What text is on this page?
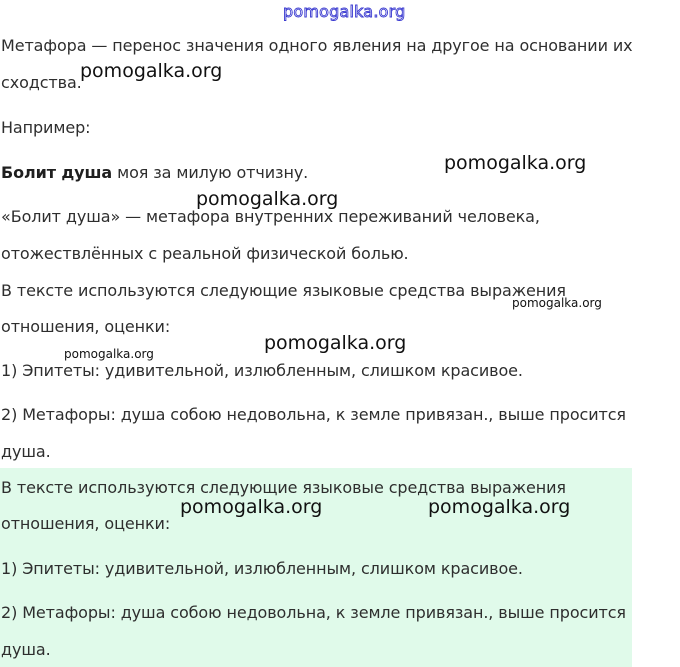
pomogalka.org
Метафора — перенос значения одного явления на другое на основании их
сходства.
Например:
Болит душа моя за милую отчизну.
«Болит душа» — метафора внутренних переживаний человека,
отожествлённых с реальной физической болью.
В тексте используются следующие языковые средства выражения
отношения, оценки:
1) Эпитеты: удивительной, излюбленным, слишком красивое.
2) Метафоры: душа собою недовольна, к земле привязан., выше просится
душа.
В тексте используются следующие языковые средства выражения
отношения, оценки:
1) Эпитеты: удивительной, излюбленным, слишком красивое.
2) Метафоры: душа собою недовольна, к земле привязан., выше просится
душа.
pomogalka.org
pomogalka.org
pomogalka.org
pomogalka.org
pomogalka.org
pomogalka.org
pomogalka.org	pomogalka.org
